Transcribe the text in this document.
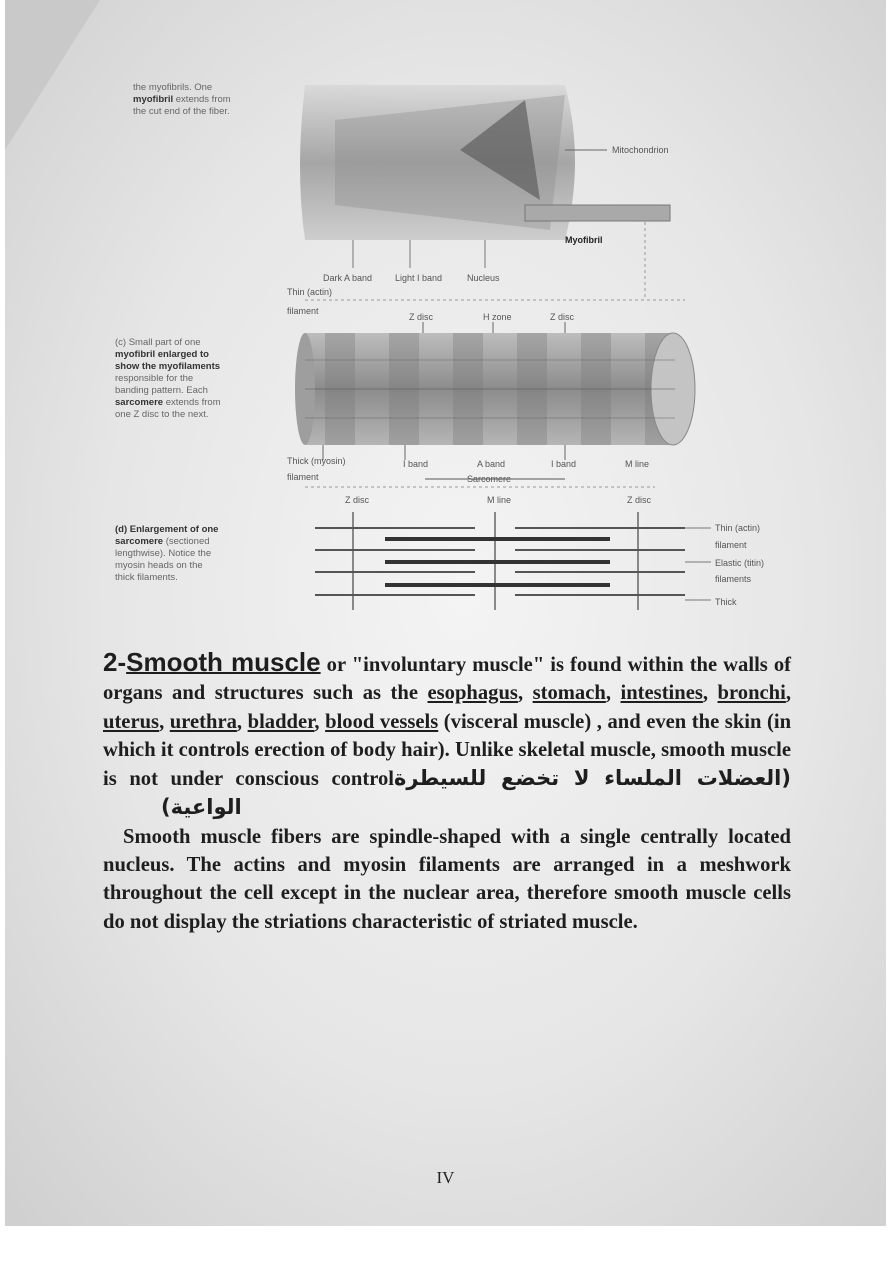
Mitochondrion
Myofibril
Dark A band	Light I band	Nucleus
Thin (actin)
filament
Z disc	H zone	Z disc
Thick (myosin)
filament
I band	A band	I band	M line
Sarcomere
Z disc	M line	Z disc
Thin (actin)
filament
Elastic (titin)
filaments
Thick
the myofibrils. One
myofibril extends from
the cut end of the fiber.
(c) Small part of one
myofibril enlarged to
show the myofilaments
responsible for the
banding pattern. Each
sarcomere extends from
one Z disc to the next.
(d) Enlargement of one
sarcomere (sectioned
lengthwise). Notice the
myosin heads on the
thick filaments.

2-Smooth muscle or "involuntary muscle" is found within the walls of organs and structures such as the esophagus, stomach, intestines, bronchi, uterus, urethra, bladder, blood vessels (visceral muscle) , and even the skin (in which it controls erection of body hair). Unlike skeletal muscle, smooth muscle is not under conscious control(العضلات الملساء لا تخضع للسيطرة الواعية)

Smooth muscle fibers are spindle-shaped with a single centrally located nucleus. The actins and myosin filaments are arranged in a meshwork throughout the cell except in the nuclear area, therefore smooth muscle cells do not display the striations characteristic of striated muscle.

IV
